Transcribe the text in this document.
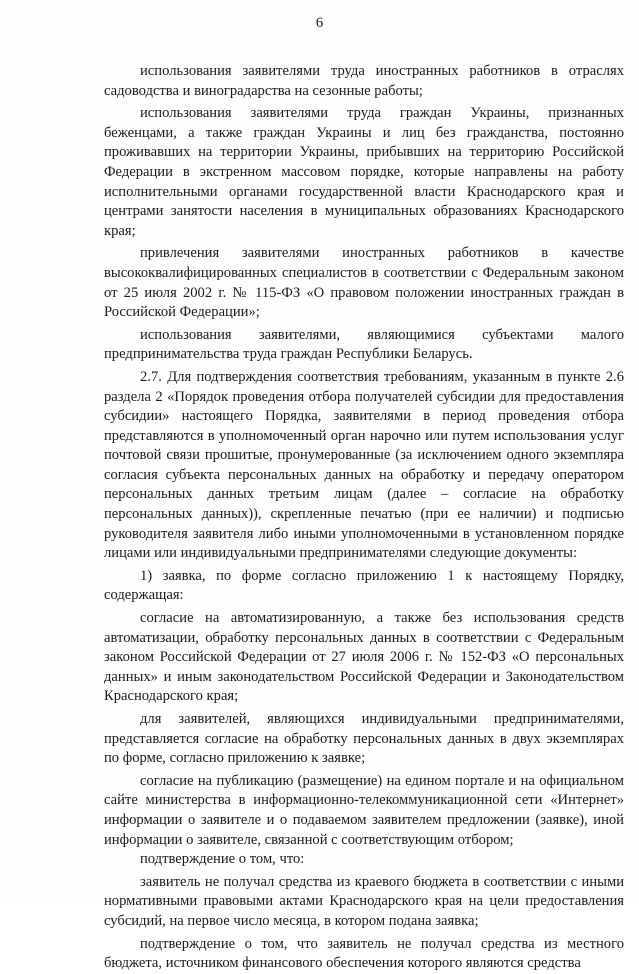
6

использования заявителями труда иностранных работников в отраслях садоводства и виноградарства на сезонные работы;

использования заявителями труда граждан Украины, признанных беженцами, а также граждан Украины и лиц без гражданства, постоянно проживавших на территории Украины, прибывших на территорию Российской Федерации в экстренном массовом порядке, которые направлены на работу исполнительными органами государственной власти Краснодарского края и центрами занятости населения в муниципальных образованиях Краснодарского края;

привлечения заявителями иностранных работников в качестве высококвалифицированных специалистов в соответствии с Федеральным законом от 25 июля 2002 г. № 115-ФЗ «О правовом положении иностранных граждан в Российской Федерации»;

использования заявителями, являющимися субъектами малого предпринимательства труда граждан Республики Беларусь.

2.7. Для подтверждения соответствия требованиям, указанным в пункте 2.6 раздела 2 «Порядок проведения отбора получателей субсидии для предоставления субсидии» настоящего Порядка, заявителями в период проведения отбора представляются в уполномоченный орган нарочно или путем использования услуг почтовой связи прошитые, пронумерованные (за исключением одного экземпляра согласия субъекта персональных данных на обработку и передачу оператором персональных данных третьим лицам (далее – согласие на обработку персональных данных)), скрепленные печатью (при ее наличии) и подписью руководителя заявителя либо иными уполномоченными в установленном порядке лицами или индивидуальными предпринимателями следующие документы:

1) заявка, по форме согласно приложению 1 к настоящему Порядку, содержащая:

согласие на автоматизированную, а также без использования средств автоматизации, обработку персональных данных в соответствии с Федеральным законом Российской Федерации от 27 июля 2006 г. № 152-ФЗ «О персональных данных» и иным законодательством Российской Федерации и Законодательством Краснодарского края;

для заявителей, являющихся индивидуальными предпринимателями, представляется согласие на обработку персональных данных в двух экземплярах по форме, согласно приложению к заявке;

согласие на публикацию (размещение) на едином портале и на официальном сайте министерства в информационно-телекоммуникационной сети «Интернет» информации о заявителе и о подаваемом заявителем предложении (заявке), иной информации о заявителе, связанной с соответствующим отбором;

подтверждение о том, что:

заявитель не получал средства из краевого бюджета в соответствии с иными нормативными правовыми актами Краснодарского края на цели предоставления субсидий, на первое число месяца, в котором подана заявка;

подтверждение о том, что заявитель не получал средства из местного бюджета, источником финансового обеспечения которого являются средства
